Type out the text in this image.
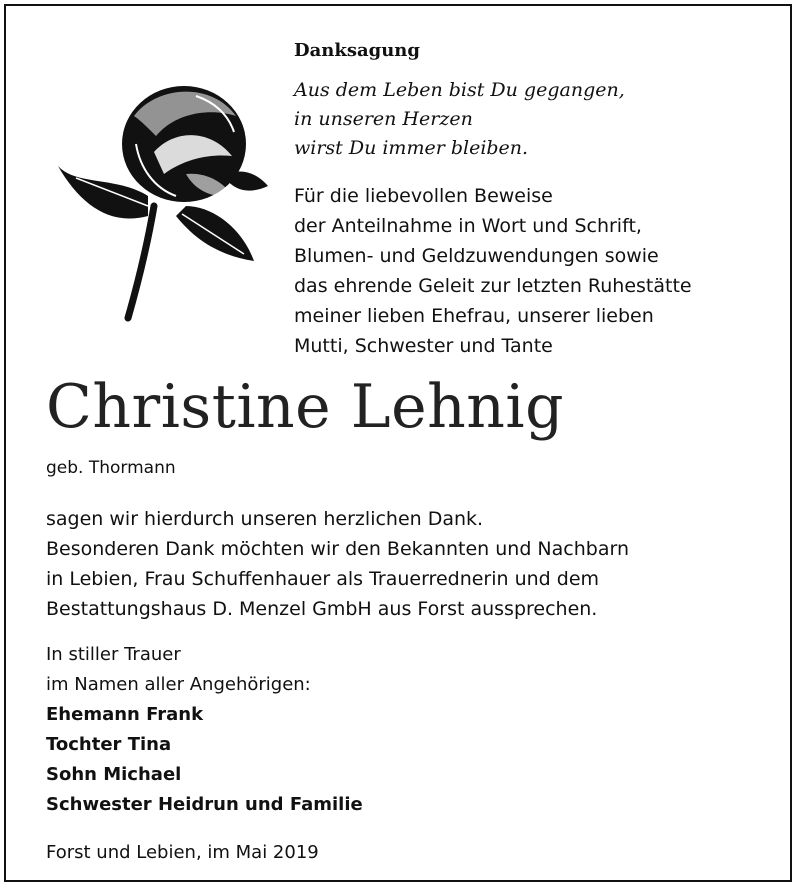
Danksagung

Aus dem Leben bist Du gegangen,
in unseren Herzen
wirst Du immer bleiben.

Für die liebevollen Beweise
der Anteilnahme in Wort und Schrift,
Blumen- und Geldzuwendungen sowie
das ehrende Geleit zur letzten Ruhestätte
meiner lieben Ehefrau, unserer lieben
Mutti, Schwester und Tante
Christine Lehnig
geb. Thormann
sagen wir hierdurch unseren herzlichen Dank.
Besonderen Dank möchten wir den Bekannten und Nachbarn
in Lebien, Frau Schuffenhauer als Trauerrednerin und dem
Bestattungshaus D. Menzel GmbH aus Forst aussprechen.
In stiller Trauer
im Namen aller Angehörigen:
Ehemann Frank
Tochter Tina
Sohn Michael
Schwester Heidrun und Familie
Forst und Lebien, im Mai 2019
